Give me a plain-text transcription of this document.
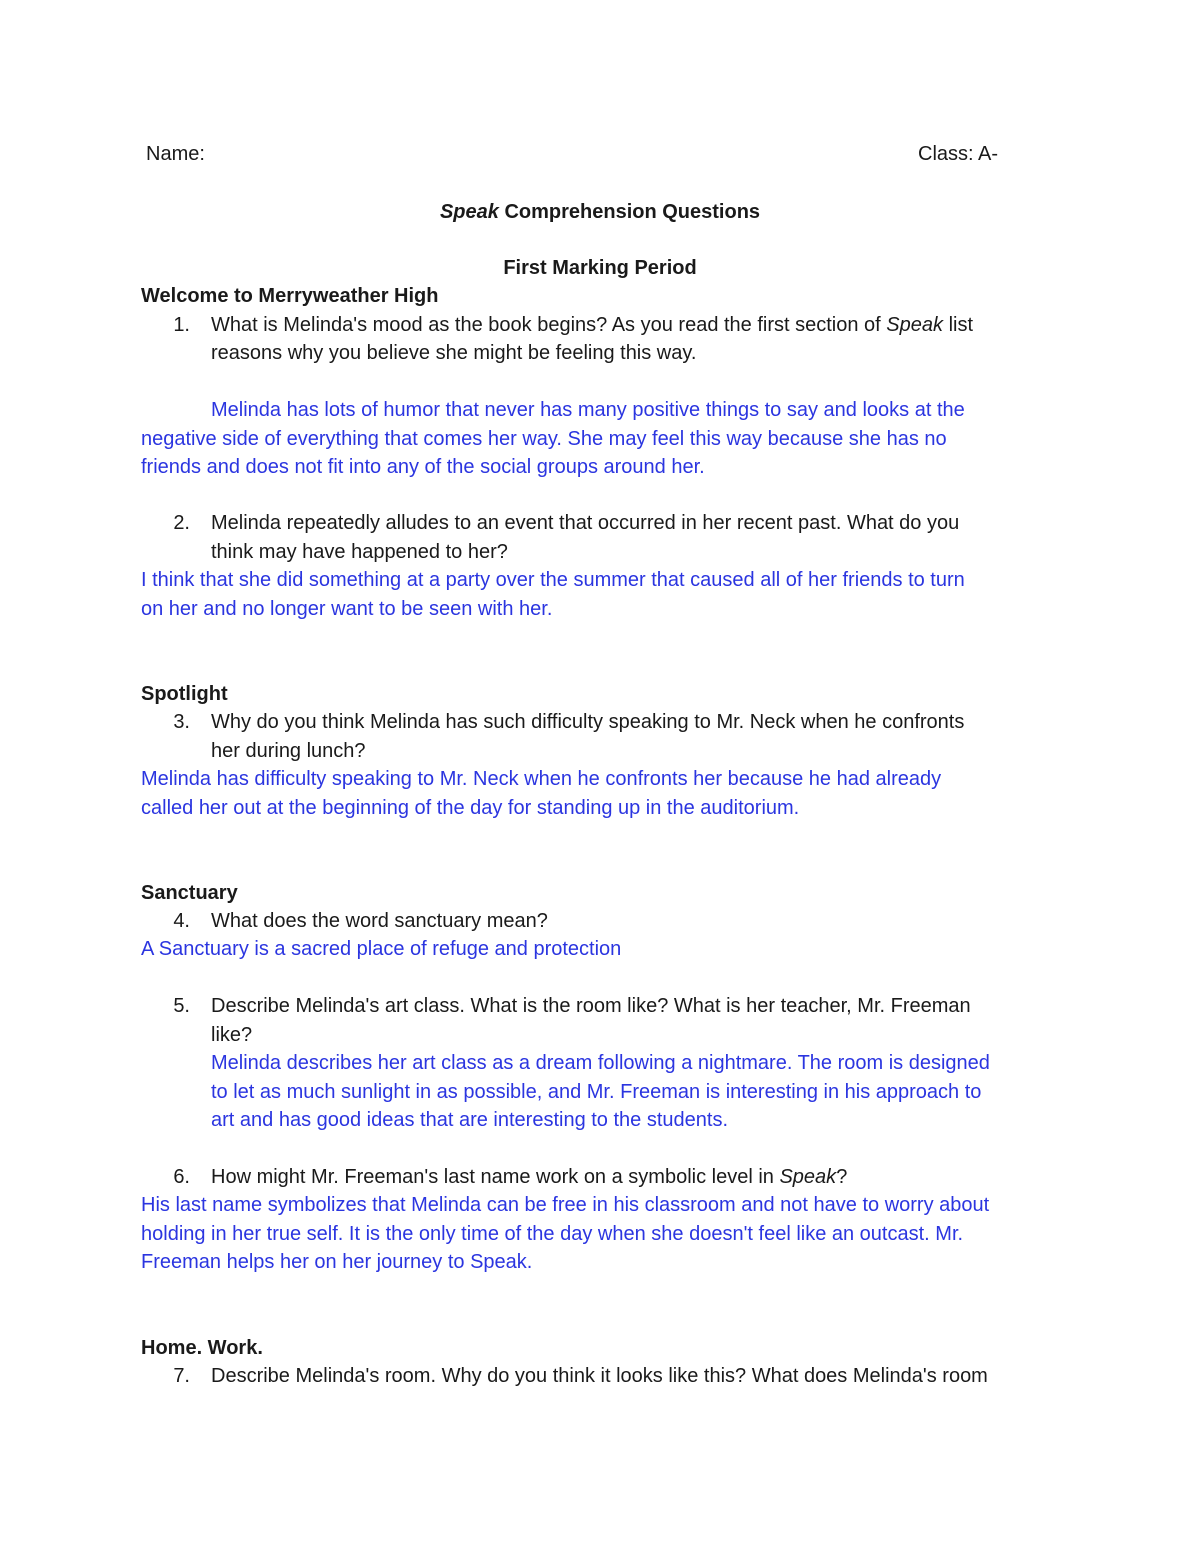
Name:	Class: A-
Speak Comprehension Questions
First Marking Period
Welcome to Merryweather High
1. What is Melinda's mood as the book begins? As you read the first section of Speak list
reasons why you believe she might be feeling this way.
Melinda has lots of humor that never has many positive things to say and looks at the
negative side of everything that comes her way. She may feel this way because she has no
friends and does not fit into any of the social groups around her.
2. Melinda repeatedly alludes to an event that occurred in her recent past. What do you
think may have happened to her?
I think that she did something at a party over the summer that caused all of her friends to turn
on her and no longer want to be seen with her.
Spotlight
3. Why do you think Melinda has such difficulty speaking to Mr. Neck when he confronts
her during lunch?
Melinda has difficulty speaking to Mr. Neck when he confronts her because he had already
called her out at the beginning of the day for standing up in the auditorium.
Sanctuary
4. What does the word sanctuary mean?
A Sanctuary is a sacred place of refuge and protection
5. Describe Melinda's art class. What is the room like? What is her teacher, Mr. Freeman
like?
Melinda describes her art class as a dream following a nightmare. The room is designed
to let as much sunlight in as possible, and Mr. Freeman is interesting in his approach to
art and has good ideas that are interesting to the students.
6. How might Mr. Freeman's last name work on a symbolic level in Speak?
His last name symbolizes that Melinda can be free in his classroom and not have to worry about
holding in her true self. It is the only time of the day when she doesn't feel like an outcast. Mr.
Freeman helps her on her journey to Speak.
Home. Work.
7. Describe Melinda's room. Why do you think it looks like this? What does Melinda's room
